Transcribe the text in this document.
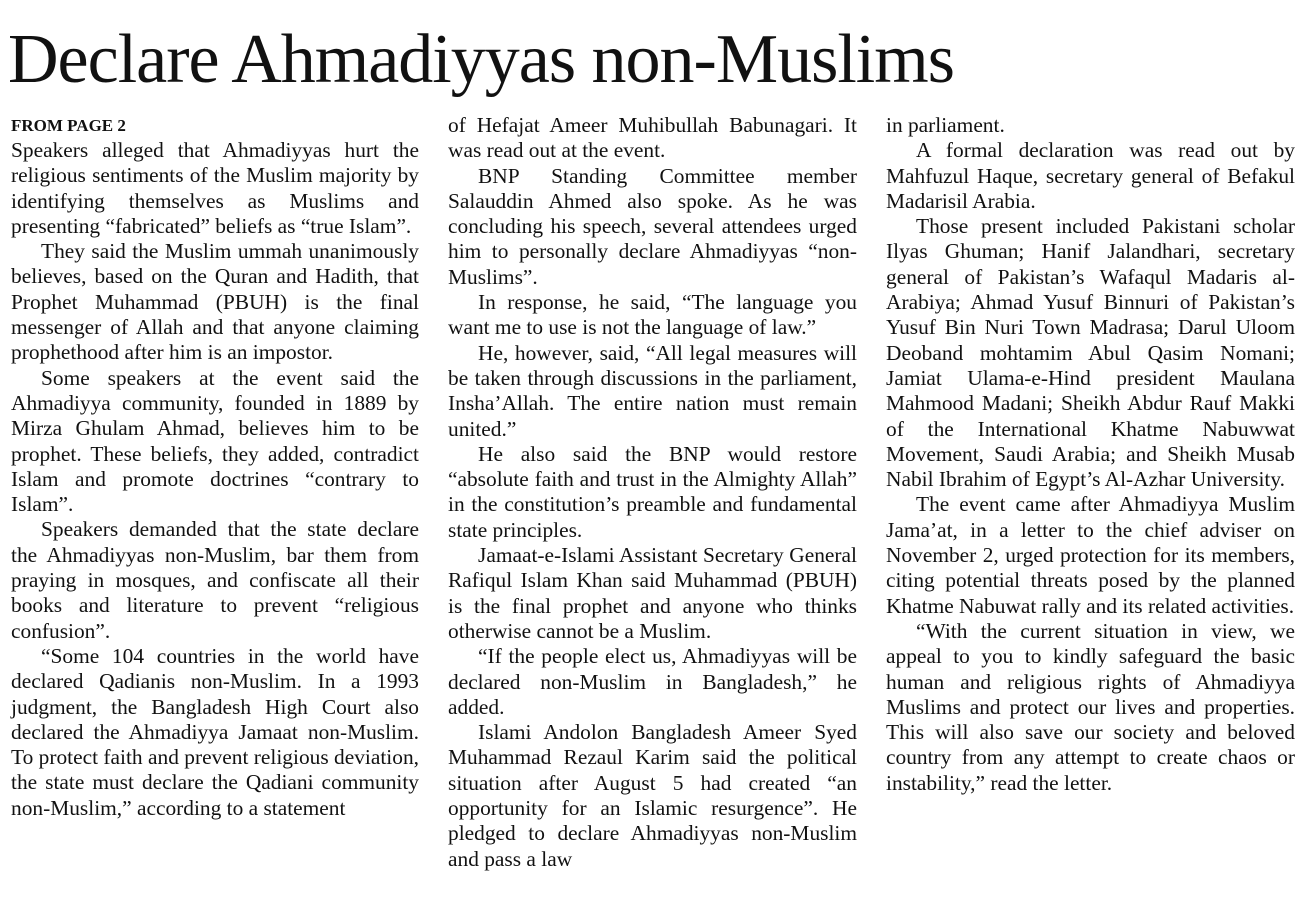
Declare Ahmadiyyas non-Muslims
FROM PAGE 2

Speakers alleged that Ahmadiyyas hurt the religious sentiments of the Muslim majority by identifying themselves as Muslims and presenting “fabricated” beliefs as “true Islam”.

They said the Muslim ummah unanimously believes, based on the Quran and Hadith, that Prophet Muhammad (PBUH) is the final messenger of Allah and that anyone claiming prophethood after him is an impostor.

Some speakers at the event said the Ahmadiyya community, founded in 1889 by Mirza Ghulam Ahmad, believes him to be prophet. These beliefs, they added, contradict Islam and promote doctrines “contrary to Islam”.

Speakers demanded that the state declare the Ahmadiyyas non-Muslim, bar them from praying in mosques, and confiscate all their books and literature to prevent “religious confusion”.

“Some 104 countries in the world have declared Qadianis non-Muslim. In a 1993 judgment, the Bangladesh High Court also declared the Ahmadiyya Jamaat non-Muslim. To protect faith and prevent religious deviation, the state must declare the Qadiani community non-Muslim,” according to a statement

of Hefajat Ameer Muhibullah Babunagari. It was read out at the event.

BNP Standing Committee member Salauddin Ahmed also spoke. As he was concluding his speech, several attendees urged him to personally declare Ahmadiyyas “non-Muslims”.

In response, he said, “The language you want me to use is not the language of law.”

He, however, said, “All legal measures will be taken through discussions in the parliament, Insha’Allah. The entire nation must remain united.”

He also said the BNP would restore “absolute faith and trust in the Almighty Allah” in the constitution’s preamble and fundamental state principles.

Jamaat-e-Islami Assistant Secretary General Rafiqul Islam Khan said Muhammad (PBUH) is the final prophet and anyone who thinks otherwise cannot be a Muslim.

“If the people elect us, Ahmadiyyas will be declared non-Muslim in Bangladesh,” he added.

Islami Andolon Bangladesh Ameer Syed Muhammad Rezaul Karim said the political situation after August 5 had created “an opportunity for an Islamic resurgence”. He pledged to declare Ahmadiyyas non-Muslim and pass a law

in parliament.

A formal declaration was read out by Mahfuzul Haque, secretary general of Befakul Madarisil Arabia.

Those present included Pakistani scholar Ilyas Ghuman; Hanif Jalandhari, secretary general of Pakistan’s Wafaqul Madaris al-Arabiya; Ahmad Yusuf Binnuri of Pakistan’s Yusuf Bin Nuri Town Madrasa; Darul Uloom Deoband mohtamim Abul Qasim Nomani; Jamiat Ulama-e-Hind president Maulana Mahmood Madani; Sheikh Abdur Rauf Makki of the International Khatme Nabuwwat Movement, Saudi Arabia; and Sheikh Musab Nabil Ibrahim of Egypt’s Al-Azhar University.

The event came after Ahmadiyya Muslim Jama’at, in a letter to the chief adviser on November 2, urged protection for its members, citing potential threats posed by the planned Khatme Nabuwat rally and its related activities.

“With the current situation in view, we appeal to you to kindly safeguard the basic human and religious rights of Ahmadiyya Muslims and protect our lives and properties. This will also save our society and beloved country from any attempt to create chaos or instability,” read the letter.
